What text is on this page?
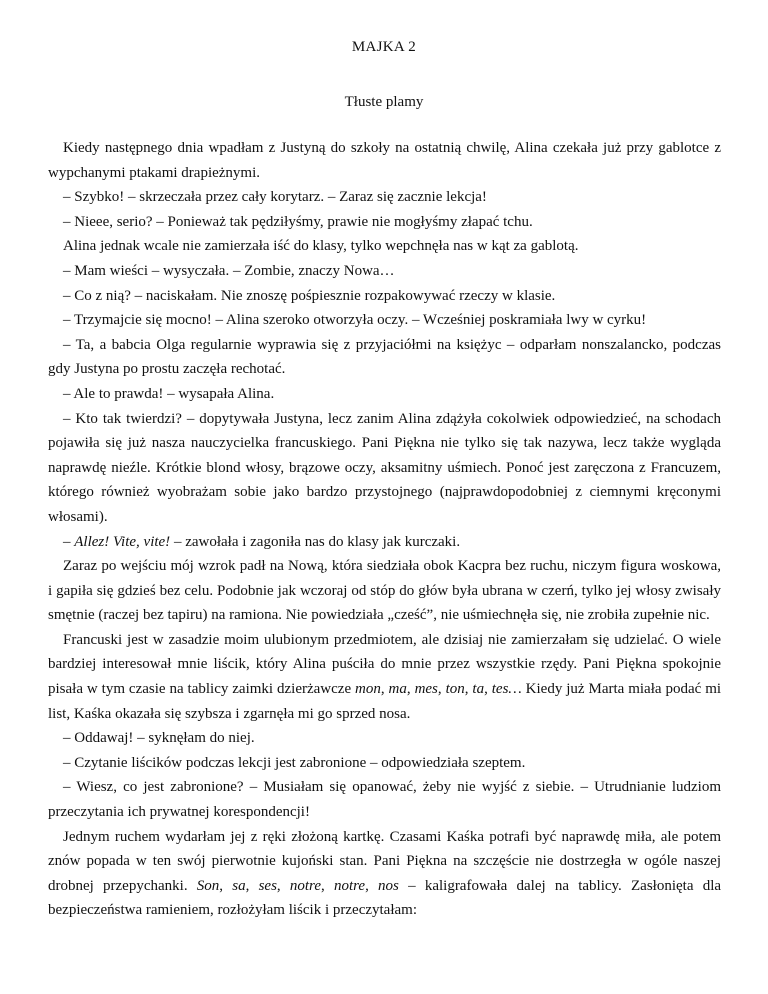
MAJKA 2
Tłuste plamy

Kiedy następnego dnia wpadłam z Justyną do szkoły na ostatnią chwilę, Alina czekała już przy gablotce z wypchanymi ptakami drapieżnymi.

– Szybko! – skrzeczała przez cały korytarz. – Zaraz się zacznie lekcja!

– Nieee, serio? – Ponieważ tak pędziłyśmy, prawie nie mogłyśmy złapać tchu.

Alina jednak wcale nie zamierzała iść do klasy, tylko wepchnęła nas w kąt za gablotą.

– Mam wieści – wysyczała. – Zombie, znaczy Nowa…

– Co z nią? – naciskałam. Nie znoszę pośpiesznie rozpakowywać rzeczy w klasie.

– Trzymajcie się mocno! – Alina szeroko otworzyła oczy. – Wcześniej poskramiała lwy w cyrku!

– Ta, a babcia Olga regularnie wyprawia się z przyjaciółmi na księżyc – odparłam nonszalancko, podczas gdy Justyna po prostu zaczęła rechotać.

– Ale to prawda! – wysapała Alina.

– Kto tak twierdzi? – dopytywała Justyna, lecz zanim Alina zdążyła cokolwiek odpowiedzieć, na schodach pojawiła się już nasza nauczycielka francuskiego. Pani Piękna nie tylko się tak nazywa, lecz także wygląda naprawdę nieźle. Krótkie blond włosy, brązowe oczy, aksamitny uśmiech. Ponoć jest zaręczona z Francuzem, którego również wyobrażam sobie jako bardzo przystojnego (najprawdopodobniej z ciemnymi kręconymi włosami).

– Allez! Vite, vite! – zawołała i zagoniła nas do klasy jak kurczaki.

Zaraz po wejściu mój wzrok padł na Nową, która siedziała obok Kacpra bez ruchu, niczym figura woskowa, i gapiła się gdzieś bez celu. Podobnie jak wczoraj od stóp do głów była ubrana w czerń, tylko jej włosy zwisały smętnie (raczej bez tapiru) na ramiona. Nie powiedziała „cześć”, nie uśmiechnęła się, nie zrobiła zupełnie nic.

Francuski jest w zasadzie moim ulubionym przedmiotem, ale dzisiaj nie zamierzałam się udzielać. O wiele bardziej interesował mnie liścik, który Alina puściła do mnie przez wszystkie rzędy. Pani Piękna spokojnie pisała w tym czasie na tablicy zaimki dzierżawcze mon, ma, mes, ton, ta, tes… Kiedy już Marta miała podać mi list, Kaśka okazała się szybsza i zgarnęła mi go sprzed nosa.

– Oddawaj! – syknęłam do niej.

– Czytanie liścików podczas lekcji jest zabronione – odpowiedziała szeptem.

– Wiesz, co jest zabronione? – Musiałam się opanować, żeby nie wyjść z siebie. – Utrudnianie ludziom przeczytania ich prywatnej korespondencji!

Jednym ruchem wydarłam jej z ręki złożoną kartkę. Czasami Kaśka potrafi być naprawdę miła, ale potem znów popada w ten swój pierwotnie kujoński stan. Pani Piękna na szczęście nie dostrzegła w ogóle naszej drobnej przepychanki. Son, sa, ses, notre, notre, nos – kaligrafowała dalej na tablicy. Zasłonięta dla bezpieczeństwa ramieniem, rozłożyłam liścik i przeczytałam:
